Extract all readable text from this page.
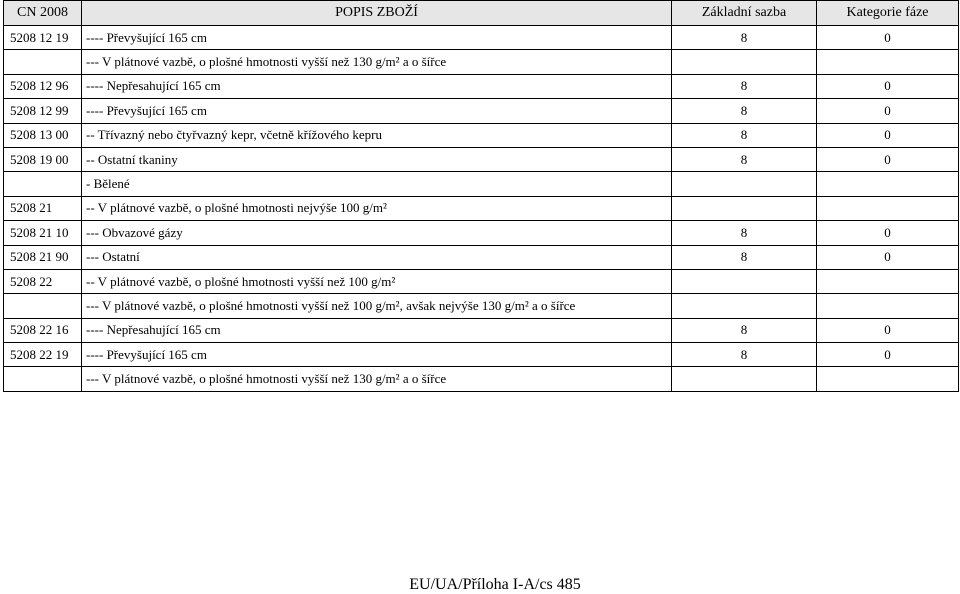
CN 2008	POPIS ZBOŽÍ	Základní sazba	Kategorie fáze
5208 12 19	---- Převyšující 165 cm	8	0
	--- V plátnové vazbě, o plošné hmotnosti vyšší než 130 g/m² a o šířce		
5208 12 96	---- Nepřesahující 165 cm	8	0
5208 12 99	---- Převyšující 165 cm	8	0
5208 13 00	-- Třívazný nebo čtyřvazný kepr, včetně křížového kepru	8	0
5208 19 00	-- Ostatní tkaniny	8	0
	- Bělené		
5208 21	-- V plátnové vazbě, o plošné hmotnosti nejvýše 100 g/m²		
5208 21 10	--- Obvazové gázy	8	0
5208 21 90	--- Ostatní	8	0
5208 22	-- V plátnové vazbě, o plošné hmotnosti vyšší než 100 g/m²		
	--- V plátnové vazbě, o plošné hmotnosti vyšší než 100 g/m², avšak nejvýše 130 g/m² a o šířce		
5208 22 16	---- Nepřesahující 165 cm	8	0
5208 22 19	---- Převyšující 165 cm	8	0
	--- V plátnové vazbě, o plošné hmotnosti vyšší než 130 g/m² a o šířce		
EU/UA/Příloha I-A/cs 485
